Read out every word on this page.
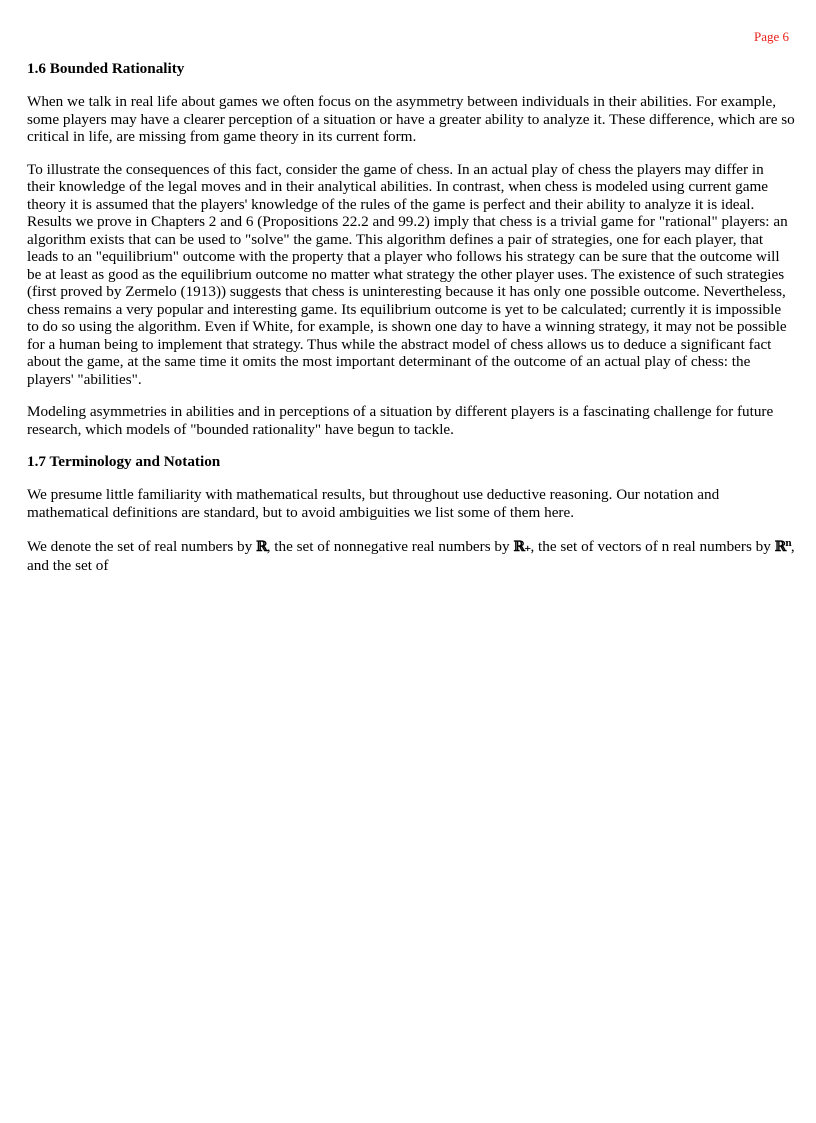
Page 6
1.6 Bounded Rationality

When we talk in real life about games we often focus on the asymmetry between individuals in their abilities. For example, some players may have a clearer perception of a situation or have a greater ability to analyze it. These difference, which are so critical in life, are missing from game theory in its current form.

To illustrate the consequences of this fact, consider the game of chess. In an actual play of chess the players may differ in their knowledge of the legal moves and in their analytical abilities. In contrast, when chess is modeled using current game theory it is assumed that the players' knowledge of the rules of the game is perfect and their ability to analyze it is ideal. Results we prove in Chapters 2 and 6 (Propositions 22.2 and 99.2) imply that chess is a trivial game for "rational" players: an algorithm exists that can be used to "solve" the game. This algorithm defines a pair of strategies, one for each player, that leads to an "equilibrium" outcome with the property that a player who follows his strategy can be sure that the outcome will be at least as good as the equilibrium outcome no matter what strategy the other player uses. The existence of such strategies (first proved by Zermelo (1913)) suggests that chess is uninteresting because it has only one possible outcome. Nevertheless, chess remains a very popular and interesting game. Its equilibrium outcome is yet to be calculated; currently it is impossible to do so using the algorithm. Even if White, for example, is shown one day to have a winning strategy, it may not be possible for a human being to implement that strategy. Thus while the abstract model of chess allows us to deduce a significant fact about the game, at the same time it omits the most important determinant of the outcome of an actual play of chess: the players' "abilities".

Modeling asymmetries in abilities and in perceptions of a situation by different players is a fascinating challenge for future research, which models of "bounded rationality" have begun to tackle.

1.7 Terminology and Notation

We presume little familiarity with mathematical results, but throughout use deductive reasoning. Our notation and mathematical definitions are standard, but to avoid ambiguities we list some of them here.

We denote the set of real numbers by ℝ, the set of nonnegative real numbers by ℝ₊, the set of vectors of n real numbers by ℝ$^n$, and the set of
